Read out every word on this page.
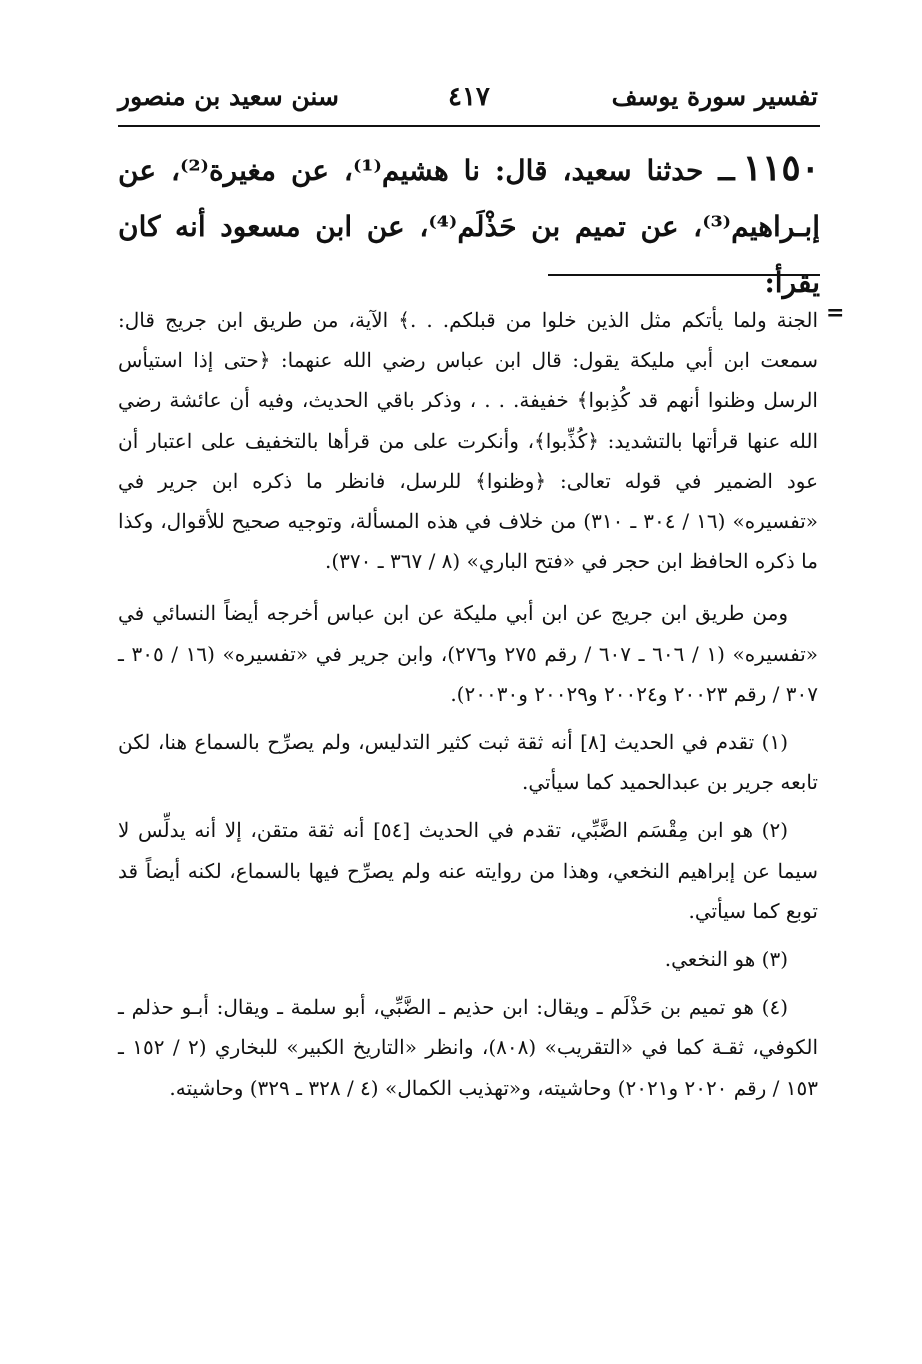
تفسير سورة يوسف
٤١٧
سنن سعيد بن منصور

١١٥٠ــ حدثنا سعيد، قال: نا هشيم⁽¹⁾، عن مغيرة⁽²⁾، عن إبـراهيم⁽³⁾، عن تميم بن حَذْلَم⁽⁴⁾، عن ابن مسعود أنه كان يقرأ:

=

الجنة ولما يأتكم مثل الذين خلوا من قبلكم. . .﴾ الآية، من طريق ابن جريج قال: سمعت ابن أبي مليكة يقول: قال ابن عباس رضي الله عنهما: ﴿حتى إذا استيأس الرسل وظنوا أنهم قد كُذِبوا﴾ خفيفة. . . ، وذكر باقي الحديث، وفيه أن عائشة رضي الله عنها قرأتها بالتشديد: ﴿كُذِّبوا﴾، وأنكرت على من قرأها بالتخفيف على اعتبار أن عود الضمير في قوله تعالى: ﴿وظنوا﴾ للرسل، فانظر ما ذكره ابن جرير في «تفسيره» (١٦ / ٣٠٤ ـ ٣١٠) من خلاف في هذه المسألة، وتوجيه صحيح للأقوال، وكذا ما ذكره الحافظ ابن حجر في «فتح الباري» (٨ / ٣٦٧ ـ ٣٧٠).

ومن طريق ابن جريج عن ابن أبي مليكة عن ابن عباس أخرجه أيضاً النسائي في «تفسيره» (١ / ٦٠٦ ـ ٦٠٧ / رقم ٢٧٥ و٢٧٦)، وابن جرير في «تفسيره» (١٦ / ٣٠٥ ـ ٣٠٧ / رقم ٢٠٠٢٣ و٢٠٠٢٤ و٢٠٠٢٩ و٢٠٠٣٠).

(١) تقدم في الحديث [٨] أنه ثقة ثبت كثير التدليس، ولم يصرِّح بالسماع هنا، لكن تابعه جرير بن عبدالحميد كما سيأتي.

(٢) هو ابن مِقْسَم الضَّبِّي، تقدم في الحديث [٥٤] أنه ثقة متقن، إلا أنه يدلِّس لا سيما عن إبراهيم النخعي، وهذا من روايته عنه ولم يصرِّح فيها بالسماع، لكنه أيضاً قد توبع كما سيأتي.

(٣) هو النخعي.

(٤) هو تميم بن حَذْلَم ـ ويقال: ابن حذيم ـ الضَّبِّي، أبو سلمة ـ ويقال: أبـو حذلم ـ الكوفي، ثقـة كما في «التقريب» (٨٠٨)، وانظر «التاريخ الكبير» للبخاري (٢ / ١٥٢ ـ ١٥٣ / رقم ٢٠٢٠ و٢٠٢١) وحاشيته، و«تهذيب الكمال» (٤ / ٣٢٨ ـ ٣٢٩) وحاشيته.
